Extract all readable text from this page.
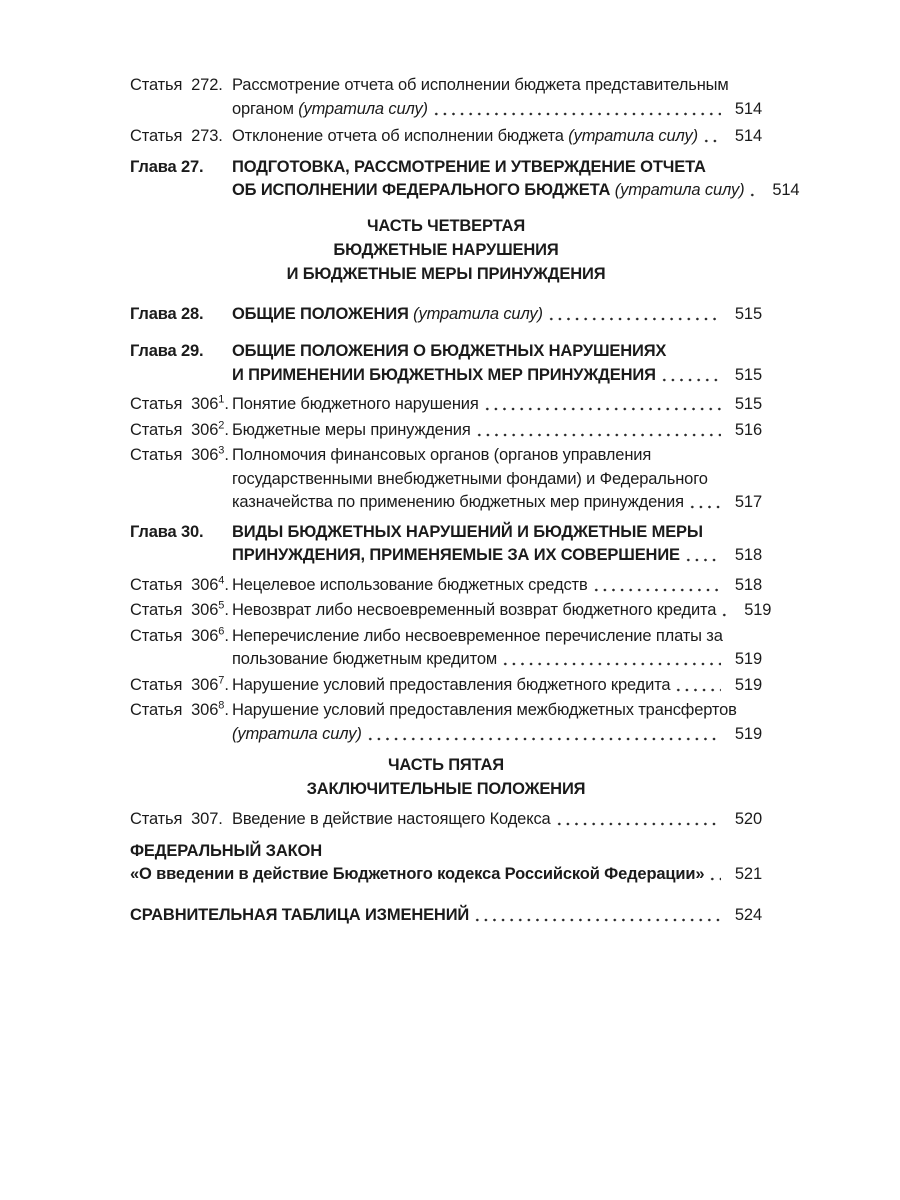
Статья  272. Рассмотрение отчета об исполнении бюджета представительным
органом (утратила силу)	514
Статья  273. Отклонение отчета об исполнении бюджета (утратила силу)	514
Глава 27.	ПОДГОТОВКА, РАССМОТРЕНИЕ И УТВЕРЖДЕНИЕ ОТЧЕТА
ОБ ИСПОЛНЕНИИ ФЕДЕРАЛЬНОГО БЮДЖЕТА (утратила силу)	514
ЧАСТЬ ЧЕТВЕРТАЯ
БЮДЖЕТНЫЕ НАРУШЕНИЯ
И БЮДЖЕТНЫЕ МЕРЫ ПРИНУЖДЕНИЯ
Глава 28.	ОБЩИЕ ПОЛОЖЕНИЯ (утратила силу)	515
Глава 29.	ОБЩИЕ ПОЛОЖЕНИЯ О БЮДЖЕТНЫХ НАРУШЕНИЯХ
И ПРИМЕНЕНИИ БЮДЖЕТНЫХ МЕР ПРИНУЖДЕНИЯ	515
Статья  $306^1$. Понятие бюджетного нарушения	515
Статья  $306^2$. Бюджетные меры принуждения	516
Статья  $306^3$. Полномочия финансовых органов (органов управления
государственными внебюджетными фондами) и Федерального
казначейства по применению бюджетных мер принуждения	517
Глава 30.	ВИДЫ БЮДЖЕТНЫХ НАРУШЕНИЙ И БЮДЖЕТНЫЕ МЕРЫ
ПРИНУЖДЕНИЯ, ПРИМЕНЯЕМЫЕ ЗА ИХ СОВЕРШЕНИЕ	518
Статья  $306^4$. Нецелевое использование бюджетных средств	518
Статья  $306^5$. Невозврат либо несвоевременный возврат бюджетного кредита	519
Статья  $306^6$. Неперечисление либо несвоевременное перечисление платы за
пользование бюджетным кредитом	519
Статья  $306^7$. Нарушение условий предоставления бюджетного кредита	519
Статья  $306^8$. Нарушение условий предоставления межбюджетных трансфертов
(утратила силу)	519
ЧАСТЬ ПЯТАЯ
ЗАКЛЮЧИТЕЛЬНЫЕ ПОЛОЖЕНИЯ
Статья  307. Введение в действие настоящего Кодекса	520
ФЕДЕРАЛЬНЫЙ ЗАКОН
«О введении в действие Бюджетного кодекса Российской Федерации»	521
СРАВНИТЕЛЬНАЯ ТАБЛИЦА ИЗМЕНЕНИЙ	524
